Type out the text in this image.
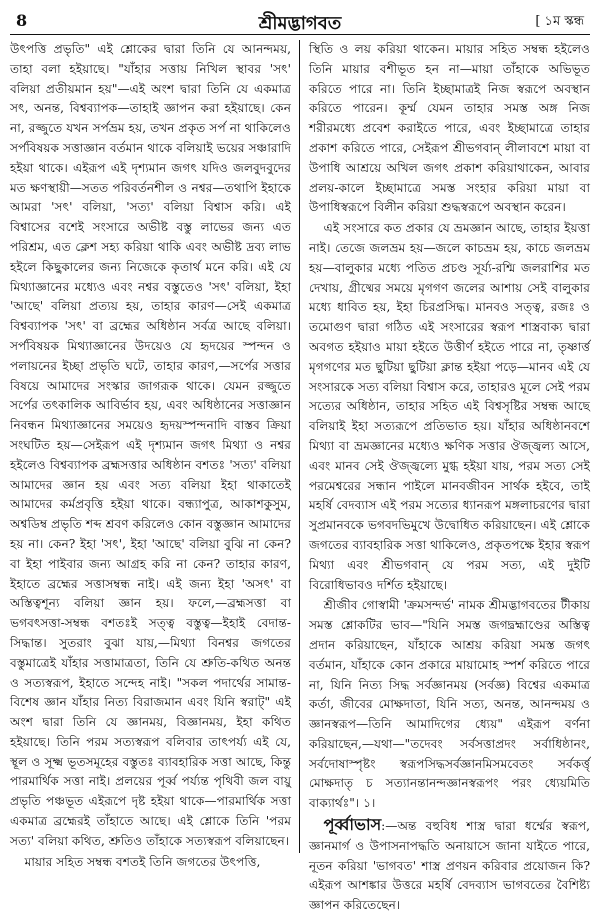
8	শ্রীমদ্ভাগবত	[ ১ম স্কন্ধ

উৎপত্তি প্রভৃতি" এই শ্লোকের দ্বারা তিনি যে আনন্দময়, তাহা বলা হইয়াছে। "যাঁহার সত্তায় নিখিল স্থাবর 'সৎ' বলিয়া প্রতীয়মান হয়"—এই অংশ দ্বারা তিনি যে একমাত্র সৎ, অনন্ত, বিশ্বব্যাপক—তাহাই জ্ঞাপন করা হইয়াছে। কেন না, রজ্জুতে যখন সর্পভ্রম হয়, তখন প্রকৃত সর্প না থাকিলেও সর্পবিষয়ক সত্তাজ্ঞান বর্তমান থাকে বলিয়াই ভয়ের সঞ্চারাদি হইয়া থাকে। এইরূপ এই দৃশ্যমান জগৎ যদিও জলবুদবুদের মত ক্ষণস্থায়ী—সতত পরিবর্তনশীল ও নশ্বর—তথাপি ইহাকে আমরা 'সৎ' বলিয়া, 'সত্য' বলিয়া বিশ্বাস করি। এই বিশ্বাসের বশেই সংসারে অভীষ্ট বস্তু লাভের জন্য এত পরিশ্রম, এত ক্লেশ সহ্য করিয়া থাকি এবং অভীষ্ট দ্রব্য লাভ হইলে কিছুকালের জন্য নিজেকে কৃতার্থ মনে করি। এই যে মিথ্যাজ্ঞানের মধ্যেও এবং নশ্বর বস্তুতেও 'সৎ' বলিয়া, ইহা 'আছে' বলিয়া প্রত্যয় হয়, তাহার কারণ—সেই একমাত্র বিশ্বব্যাপক 'সৎ' বা ব্রহ্মের অধিষ্ঠান সর্বত্র আছে বলিয়া। সর্পবিষয়ক মিথ্যাজ্ঞানের উদয়েও যে হৃদয়ের স্পন্দন ও পলায়নের ইচ্ছা প্রভৃতি ঘটে, তাহার কারণ,—সর্পের সত্তার বিষয়ে আমাদের সংস্কার জাগরূক থাকে। যেমন রজ্জুতে সর্পের তৎকালিক আবির্ভাব হয়, এবং অধিষ্ঠানের সত্তাজ্ঞান নিবন্ধন মিথ্যাজ্ঞানের সময়েও হৃদয়স্পন্দনাদি বাস্তব ক্রিয়া সংঘটিত হয়—সেইরূপ এই দৃশ্যমান জগৎ মিথ্যা ও নশ্বর হইলেও বিশ্বব্যাপক ব্রহ্মসত্তার অধিষ্ঠান বশতঃ 'সত্য' বলিয়া আমাদের জ্ঞান হয় এবং সত্য বলিয়া ইহা থাকাতেই আমাদের কর্মপ্রবৃত্তি হইয়া থাকে। বন্ধ্যাপুত্র, আকাশকুসুম, অশ্বডিম্ব প্রভৃতি শব্দ শ্রবণ করিলেও কোন বস্তুজ্ঞান আমাদের হয় না। কেন? ইহা 'সৎ', ইহা 'আছে' বলিয়া বুঝি না কেন? বা ইহা পাইবার জন্য আগ্রহ করি না কেন? তাহার কারণ, ইহাতে ব্রহ্মের সত্তাসম্বন্ধ নাই। এই জন্য ইহা 'অসৎ' বা অস্তিত্বশূন্য বলিয়া জ্ঞান হয়। ফলে,—ব্রহ্মসত্তা বা ভগবৎসত্তা-সম্বন্ধ বশতঃই সত্ত্ব বস্তুত্ব—ইহাই বেদান্ত-সিদ্ধান্ত। সুতরাং বুঝা যায়,—মিথ্যা বিনশ্বর জগতের বস্তুমাত্রেই যাঁহার সত্তামাত্রতা, তিনি যে শ্রুতি-কথিত অনন্ত ও সত্যস্বরূপ, ইহাতে সন্দেহ নাই। "সকল পদার্থের সামান্ত-বিশেষ জ্ঞান যাঁহার নিত্য বিরাজমান এবং যিনি স্বরাট্" এই অংশ দ্বারা তিনি যে জ্ঞানময়, বিজ্ঞানময়, ইহা কথিত হইয়াছে। তিনি পরম সত্যস্বরূপ বলিবার তাৎপর্য্য এই যে, স্থূল ও সূক্ষ্ম ভূতসমূহের বস্তুতঃ ব্যাবহারিক সত্তা আছে, কিন্তু পারমার্থিক সত্তা নাই। প্রলয়ের পূর্ব্ব পর্য্যন্ত পৃথিবী জল বায়ু প্রভৃতি পঞ্চভূত এইরূপে দৃষ্ট হইয়া থাকে—পারমার্থিক সত্তা একমাত্র ব্রহ্মেরই তাঁহাতে আছে। এই শ্লোকে তিনি 'পরম সত্য' বলিয়া কথিত, শ্রুতিও তাঁহাকে সত্যস্বরূপ বলিয়াছেন।

মায়ার সহিত সম্বন্ধ বশতই তিনি জগতের উৎপত্তি,

স্থিতি ও লয় করিয়া থাকেন। মায়ার সহিত সম্বন্ধ হইলেও তিনি মায়ার বশীভূত হন না—মায়া তাঁহাকে অভিভূত করিতে পারে না। তিনি ইচ্ছামাত্রই নিজ স্বরূপে অবস্থান করিতে পারেন। কূর্ম্ম যেমন তাহার সমস্ত অঙ্গ নিজ শরীরমধ্যে প্রবেশ করাইতে পারে, এবং ইচ্ছামাত্রে তাহার প্রকাশ করিতে পারে, সেইরূপ শ্রীভগবান্ লীলাবশে মায়া বা উপাধি আশ্রয়ে অখিল জগৎ প্রকাশ করিয়াথাকেন, আবার প্রলয়-কালে ইচ্ছামাত্রে সমস্ত সংহার করিয়া মায়া বা উপাধিস্বরূপে বিলীন করিয়া শুদ্ধস্বরূপে অবস্থান করেন।

এই সংসারে কত প্রকার যে ভ্রমজ্ঞান আছে, তাহার ইয়ত্তা নাই। তেজে জলভ্রম হয়—জলে কাচভ্রম হয়, কাচে জলভ্রম হয়—বালুকার মধ্যে পতিত প্রচণ্ড সূর্য্য-রশ্মি জলরাশির মত দেখায়, গ্রীষ্মের সময়ে মৃগগণ জলের আশায় সেই বালুকার মধ্যে ধাবিত হয়, ইহা চিরপ্রসিদ্ধ। মানবও সত্ত্ব, রজঃ ও তমোগুণ দ্বারা গঠিত এই সংসারের স্বরূপ শাস্ত্রবাক্য দ্বারা অবগত হইয়াও মায়া হইতে উত্তীর্ণ হইতে পারে না, তৃষ্ণার্ত্ত মৃগগণের মত ছুটিয়া ছুটিয়া ক্লান্ত হইয়া পড়ে—মানব এই যে সংসারকে সত্য বলিয়া বিশ্বাস করে, তাহারও মূলে সেই পরম সত্যের অধিষ্ঠান, তাহার সহিত এই বিশ্বসৃষ্টির সম্বন্ধ আছে বলিয়াই ইহা সত্যরূপে প্রতিভাত হয়। যাঁহার অধিষ্ঠানবশে মিথ্যা বা ভ্রমজ্ঞানের মধ্যেও ক্ষণিক সত্তার ঔজ্জ্বল্য আসে, এবং মানব সেই ঔজ্জ্বল্যে মুগ্ধ হইয়া যায়, পরম সত্য সেই পরমেশ্বরের সন্ধান পাইলে মানবজীবন সার্থক হইবে, তাই মহর্ষি বেদব্যাস এই পরম সত্যের ধ্যানরূপ মঙ্গলাচরণের দ্বারা সুপ্রমানবকে ভগবদভিমুখে উদ্বোধিত করিয়াছেন। এই শ্লোকে জগতের ব্যাবহারিক সত্তা থাকিলেও, প্রকৃতপক্ষে ইহার স্বরূপ মিথ্যা এবং শ্রীভগবান্ যে পরম সত্য, এই দুইটি বিরোধিভাবও দর্শিত হইয়াছে।

শ্রীজীব গোস্বামী 'ক্রমসন্দর্ভ' নামক শ্রীমদ্ভাগবতের টীকায় সমস্ত শ্লোকটির ভাব—"যিনি সমস্ত জগদ্ব্রহ্মাণ্ডের অস্তিত্ব প্রদান করিয়াছেন, যাঁহাকে আশ্রয় করিয়া সমস্ত জগৎ বর্তমান, যাঁহাকে কোন প্রকারে মায়ামোহ স্পর্শ করিতে পারে না, যিনি নিত্য সিদ্ধ সর্বজ্ঞানময় (সর্বজ্ঞ) বিশ্বের একমাত্র কর্তা, জীবের মোক্ষদাতা, যিনি সত্য, অনন্ত, আনন্দময় ও জ্ঞানস্বরূপ—তিনি আমাদিগের ধ্যেয়" এইরূপ বর্ণনা করিয়াছেন,—যথা—"তদেবং সর্বসত্তাপ্রদং সর্বাধিষ্ঠানং, সর্বদোষাস্পৃষ্টং স্বরূপসিদ্ধসর্বজ্ঞানমিসমবেতং সর্বকর্ত্তৃ মোক্ষদাতৃ চ সত্যানন্তানন্দজ্ঞানস্বরূপং পরং ধ্যেয়মিতি বাক্যার্থঃ"। ১।

পূর্ব্বাভাস:—অন্ত বহুবিধ শাস্ত্র দ্বারা ধর্ম্মের স্বরূপ, জ্ঞানমার্গ ও উপাসনাপদ্ধতি অনায়াসে জানা যাইতে পারে, নূতন করিয়া 'ভাগবত' শাস্ত্র প্রণয়ন করিবার প্রয়োজন কি? এইরূপ আশঙ্কার উত্তরে মহর্ষি বেদব্যাস ভাগবতের বৈশিষ্ট্য জ্ঞাপন করিতেছেন।
